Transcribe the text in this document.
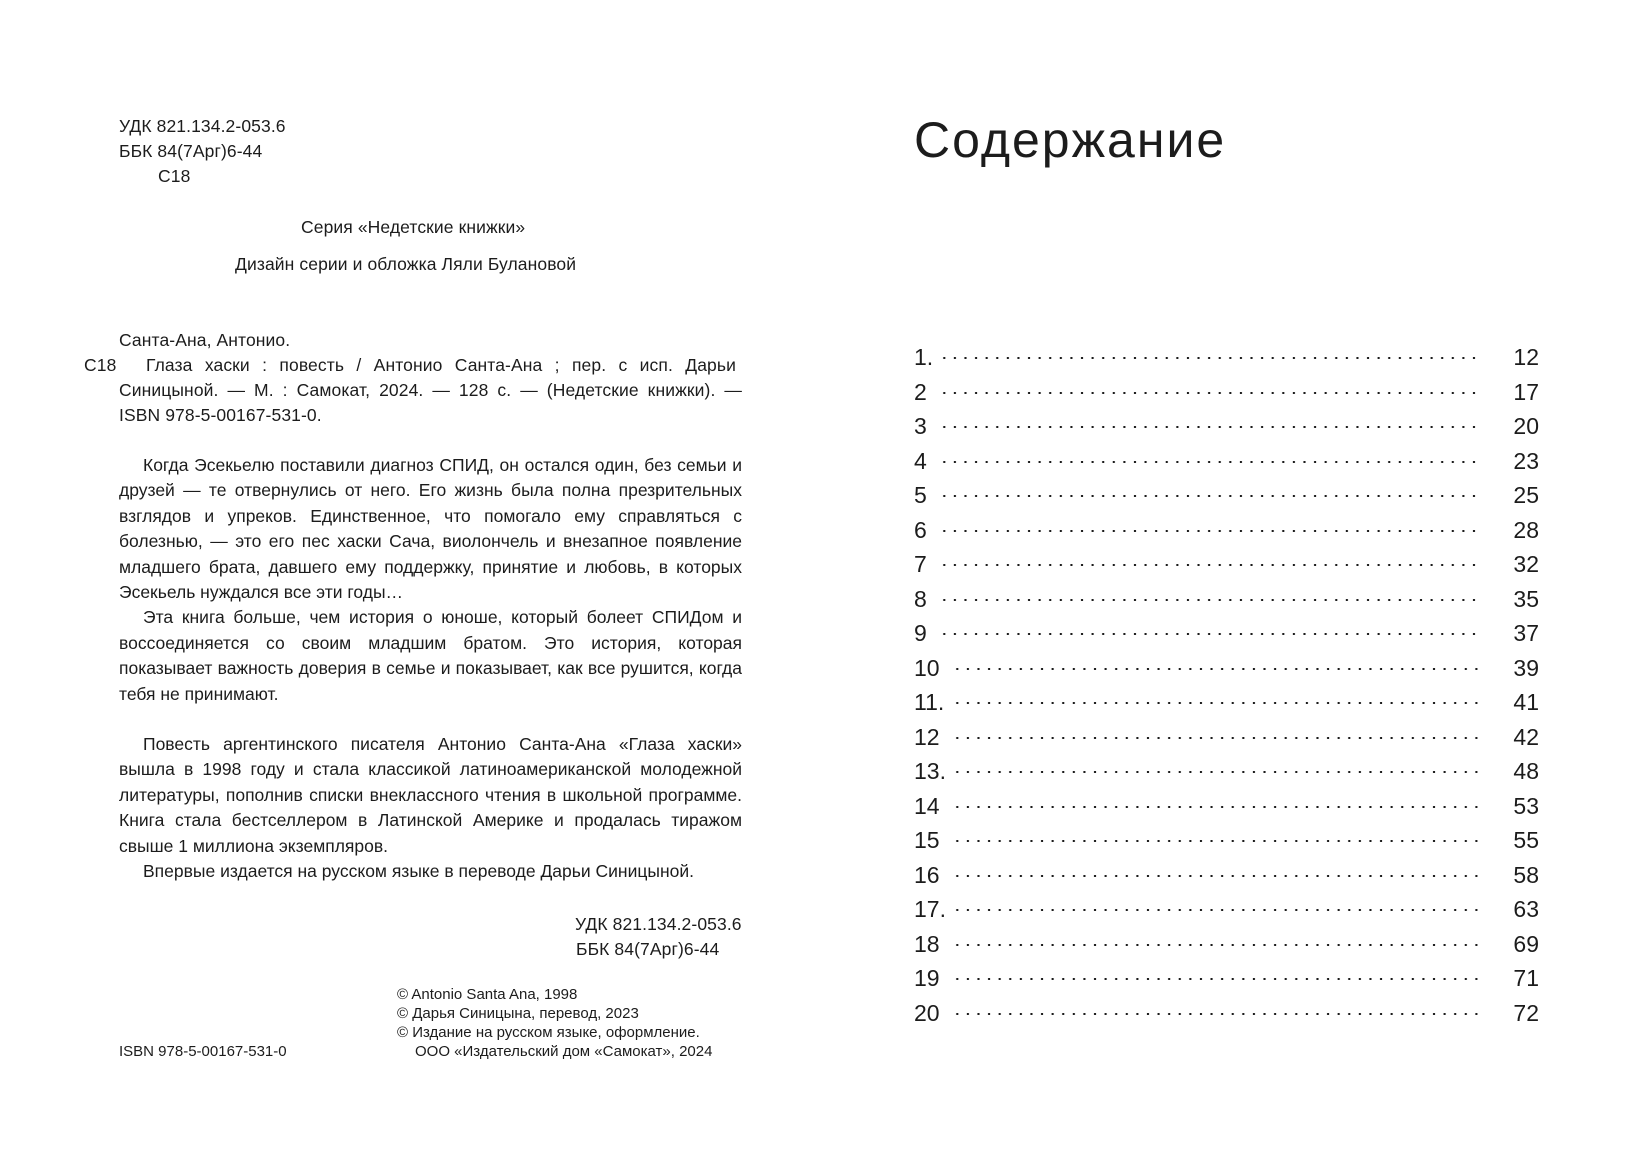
УДК 821.134.2-053.6
ББК 84(7Арг)6-44
С18
Серия «Недетские книжки»
Дизайн серии и обложка Ляли Булановой
Санта-Ана, Антонио.
С18 Глаза хаски : повесть / Антонио Санта-Ана ; пер. с исп. Дарьи
Синицыной. — М. : Самокат, 2024. — 128 с. — (Недетские книжки). —
ISBN 978-5-00167-531-0.

Когда Эсекьелю поставили диагноз СПИД, он остался один, без семьи и друзей — те отвернулись от него. Его жизнь была полна презрительных взглядов и упреков. Единственное, что помогало ему справляться с болезнью, — это его пес хаски Сача, виолончель и внезапное появление младшего брата, давшего ему поддержку, принятие и любовь, в которых Эсекьель нуждался все эти годы…

Эта книга больше, чем история о юноше, который болеет СПИДом и воссоединяется со своим младшим братом. Это история, которая показывает важность доверия в семье и показывает, как все рушится, когда тебя не принимают.

Повесть аргентинского писателя Антонио Санта-Ана «Глаза хаски» вышла в 1998 году и стала классикой латиноамериканской молодежной литературы, пополнив списки внеклассного чтения в школьной программе. Книга стала бестселлером в Латинской Америке и продалась тиражом свыше 1 миллиона экземпляров.

Впервые издается на русском языке в переводе Дарьи Синицыной.

УДК 821.134.2-053.6
ББК 84(7Арг)6-44
© Antonio Santa Ana, 1998
© Дарья Синицына, перевод, 2023
© Издание на русском языке, оформление.
ООО «Издательский дом «Самокат», 2024
ISBN 978-5-00167-531-0
Содержание
1.	12
2	17
3	20
4	23
5	25
6	28
7	32
8	35
9	37
10	39
11.	41
12	42
13.	48
14	53
15	55
16	58
17.	63
18	69
19	71
20	72
